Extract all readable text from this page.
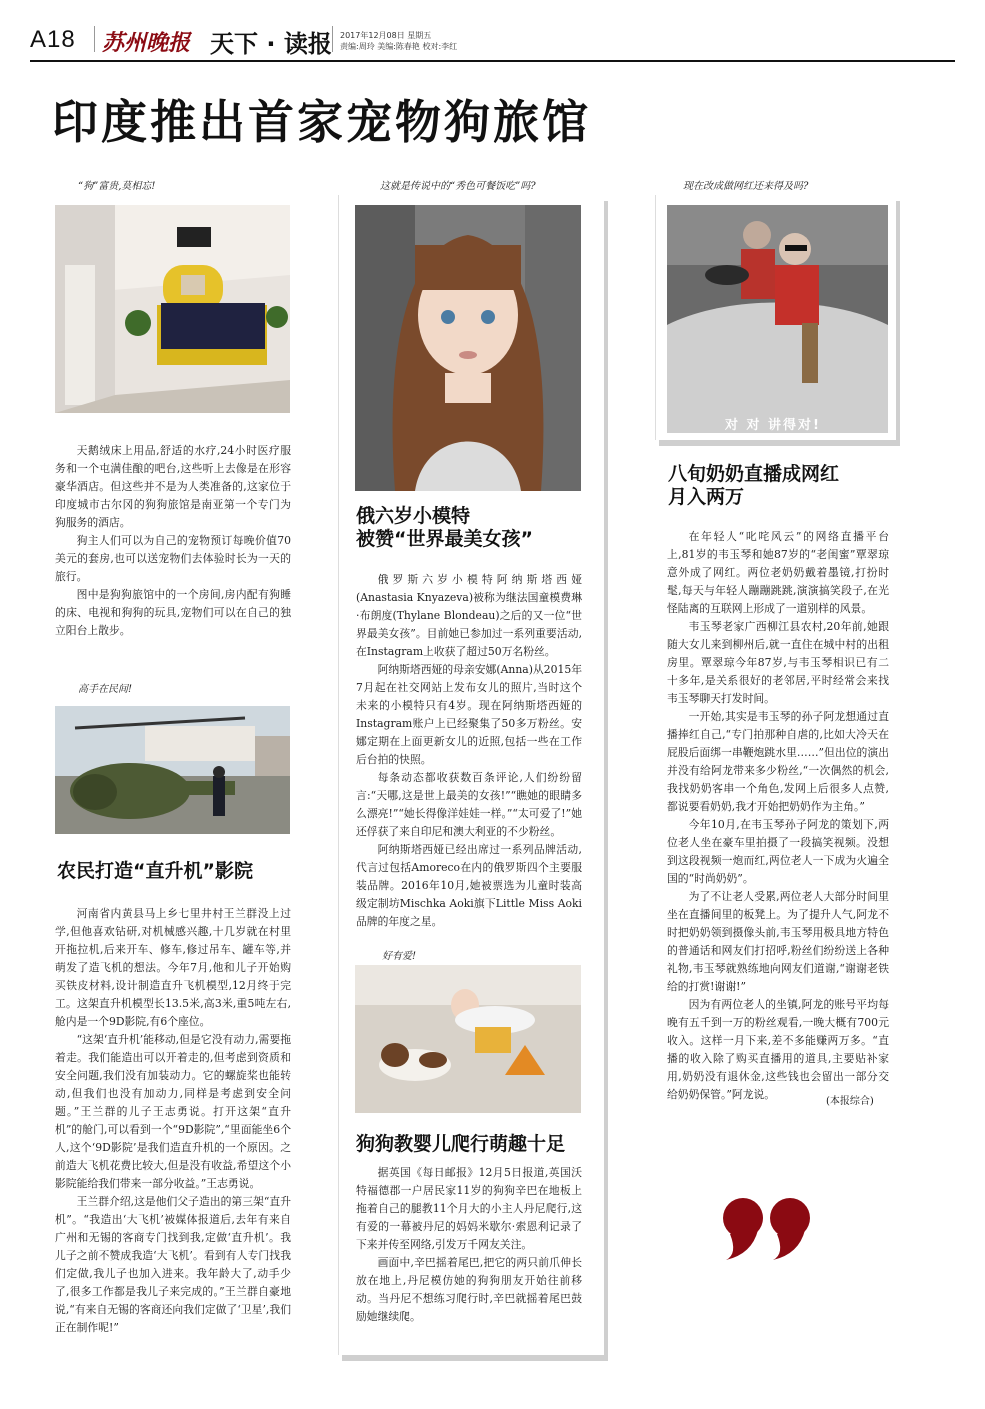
A18 苏州晚报 天下 · 读报 2017年12月08日 星期五
责编:周玲 美编:陈春艳 校对:李红
印度推出首家宠物狗旅馆
“狗”富贵,莫相忘!

天鹅绒床上用品,舒适的水疗,24小时医疗服务和一个屯满佳酿的吧台,这些听上去像是在形容豪华酒店。但这些并不是为人类准备的,这家位于印度城市古尔冈的狗狗旅馆是南亚第一个专门为狗服务的酒店。

狗主人们可以为自己的宠物预订每晚价值70美元的套房,也可以送宠物们去体验时长为一天的旅行。

图中是狗狗旅馆中的一个房间,房内配有狗睡的床、电视和狗狗的玩具,宠物们可以在自己的独立阳台上散步。

高手在民间!
农民打造“直升机”影院

河南省内黄县马上乡七里井村王兰群没上过学,但他喜欢钻研,对机械感兴趣,十几岁就在村里开拖拉机,后来开车、修车,修过吊车、罐车等,并萌发了造飞机的想法。今年7月,他和儿子开始购买铁皮材料,设计制造直升飞机模型,12月终于完工。这架直升机模型长13.5米,高3米,重5吨左右,舱内是一个9D影院,有6个座位。

“这架‘直升机’能移动,但是它没有动力,需要拖着走。我们能造出可以开着走的,但考虑到资质和安全问题,我们没有加装动力。它的螺旋桨也能转动,但我们也没有加动力,同样是考虑到安全问题。”王兰群的儿子王志勇说。打开这架“直升机”的舱门,可以看到一个“9D影院”,“里面能坐6个人,这个‘9D影院’是我们造直升机的一个原因。之前造大飞机花费比较大,但是没有收益,希望这个小影院能给我们带来一部分收益。”王志勇说。

王兰群介绍,这是他们父子造出的第三架“直升机”。“我造出‘大飞机’被媒体报道后,去年有来自广州和无锡的客商专门找到我,定做‘直升机’。我儿子之前不赞成我造‘大飞机’。看到有人专门找我们定做,我儿子也加入进来。我年龄大了,动手少了,很多工作都是我儿子来完成的。”王兰群自豪地说,“有来自无锡的客商还向我们定做了‘卫星’,我们正在制作呢!”

这就是传说中的“秀色可餐饭吃”吗?
俄六岁小模特
被赞“世界最美女孩”

俄罗斯六岁小模特阿纳斯塔西娅(Anastasia Knyazeva)被称为继法国童模费琳·布朗度(Thylane Blondeau)之后的又一位“世界最美女孩”。目前她已参加过一系列重要活动,在Instagram上收获了超过50万名粉丝。

阿纳斯塔西娅的母亲安娜(Anna)从2015年7月起在社交网站上发布女儿的照片,当时这个未来的小模特只有4岁。现在阿纳斯塔西娅的Instagram账户上已经聚集了50多万粉丝。安娜定期在上面更新女儿的近照,包括一些在工作后台拍的快照。

每条动态都收获数百条评论,人们纷纷留言:“天哪,这是世上最美的女孩!”“瞧她的眼睛多么漂亮!”“她长得像洋娃娃一样。”“太可爱了!”她还俘获了来自印尼和澳大利亚的不少粉丝。

阿纳斯塔西娅已经出席过一系列品牌活动,代言过包括Amoreco在内的俄罗斯四个主要服装品牌。2016年10月,她被票选为儿童时装高级定制坊Mischka Aoki旗下Little Miss Aoki品牌的年度之星。

好有爱!
狗狗教婴儿爬行萌趣十足

据英国《每日邮报》12月5日报道,英国沃特福德郡一户居民家11岁的狗狗辛巴在地板上拖着自己的腿教11个月大的小主人丹尼爬行,这有爱的一幕被丹尼的妈妈米歇尔·索恩利记录了下来并传至网络,引发万千网友关注。

画面中,辛巴摇着尾巴,把它的两只前爪伸长放在地上,丹尼模仿她的狗狗朋友开始往前移动。当丹尼不想练习爬行时,辛巴就摇着尾巴鼓励她继续爬。

现在改成做网红还来得及吗?
对 对 讲得对!
八旬奶奶直播成网红
月入两万

在年轻人“叱咤风云”的网络直播平台上,81岁的韦玉琴和她87岁的“老闺蜜”覃翠琼意外成了网红。两位老奶奶戴着墨镜,打扮时髦,每天与年轻人蹦蹦跳跳,演演搞笑段子,在光怪陆离的互联网上形成了一道别样的风景。

韦玉琴老家广西柳江县农村,20年前,她跟随大女儿来到柳州后,就一直住在城中村的出租房里。覃翠琼今年87岁,与韦玉琴相识已有二十多年,是关系很好的老邻居,平时经常会来找韦玉琴聊天打发时间。

一开始,其实是韦玉琴的孙子阿龙想通过直播捧红自己,“专门拍那种自虐的,比如大冷天在屁股后面绑一串鞭炮跳水里……”但出位的演出并没有给阿龙带来多少粉丝,“一次偶然的机会,我找奶奶客串一个角色,发网上后很多人点赞,都说要看奶奶,我才开始把奶奶作为主角。”

今年10月,在韦玉琴孙子阿龙的策划下,两位老人坐在豪车里拍摄了一段搞笑视频。没想到这段视频一炮而红,两位老人一下成为火遍全国的“时尚奶奶”。

为了不让老人受累,两位老人大部分时间里坐在直播间里的板凳上。为了提升人气,阿龙不时把奶奶领到摄像头前,韦玉琴用极具地方特色的普通话和网友们打招呼,粉丝们纷纷送上各种礼物,韦玉琴就熟练地向网友们道谢,“谢谢老铁给的打赏!谢谢!”

因为有两位老人的坐镇,阿龙的账号平均每晚有五千到一万的粉丝观看,一晚大概有700元收入。这样一月下来,差不多能赚两万多。“直播的收入除了购买直播用的道具,主要贴补家用,奶奶没有退休金,这些钱也会留出一部分交给奶奶保管。”阿龙说。

(本报综合)
